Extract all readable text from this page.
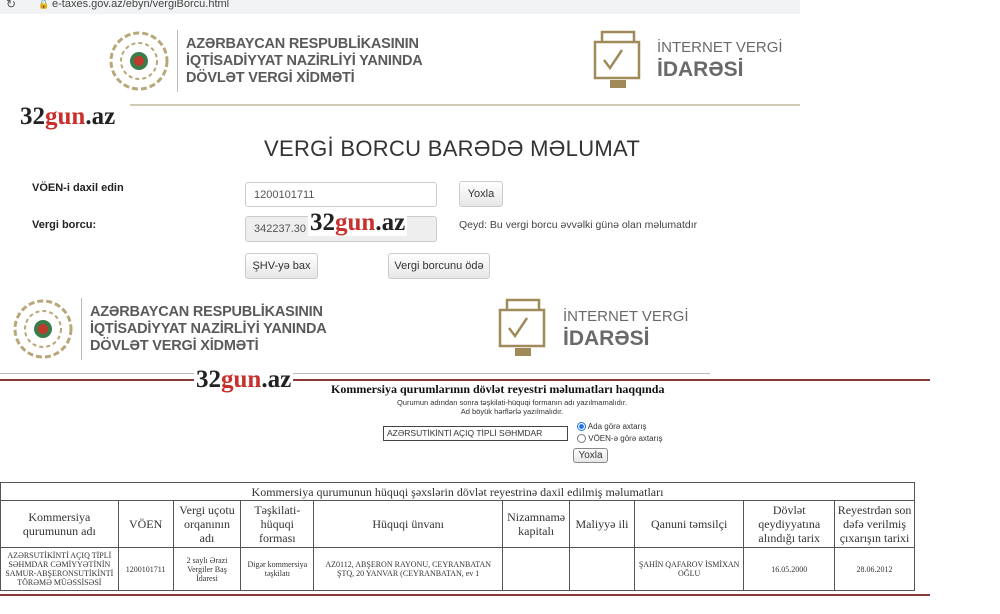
↻ 🔒 e-taxes.gov.az/ebyn/vergiBorcu.html
AZƏRBAYCAN RESPUBLİKASININ
İQTİSADİYYAT NAZİRLİYİ YANINDA
DÖVLƏT VERGİ XİDMƏTİ
İNTERNET VERGİ
İDARƏSİ
32gun.az
VERGİ BORCU BARƏDƏ MƏLUMAT
VÖEN-i daxil edin
1200101711	Yoxla
Vergi borcu:	342237.30 32gun.az	Qeyd: Bu vergi borcu əvvəlki günə olan məlumatdır
ŞHV-yə bax	Vergi borcunu ödə
AZƏRBAYCAN RESPUBLİKASININ
İQTİSADİYYAT NAZİRLİYİ YANINDA
DÖVLƏT VERGİ XİDMƏTİ
İNTERNET VERGİ
İDARƏSİ
32gun.az	Kommersiya qurumlarının dövlət reyestri məlumatları haqqında
Qurumun adından sonra təşkilati-hüquqi formanın adı yazılmamalıdır.
Ad böyük hərflərlə yazılmalıdır.
AZƏRSUTİKİNTİ AÇIQ TİPLİ SƏHMDAR
Ada görə axtarış
VÖEN-ə görə axtarış
Yoxla
Kommersiya qurumunun hüquqi şəxslərin dövlət reyestrinə daxil edilmiş məlumatları									
Kommersiya qurumunun adı	VÖEN	Vergi uçotu orqanının adı	Təşkilati-hüquqi forması	Hüquqi ünvanı	Nizamnamə kapitalı	Maliyyə ili	Qanuni təmsilçi	Dövlət qeydiyyatına alındığı tarix	Reyestrdən son dəfə verilmiş çıxarışın tarixi
AZƏRSUTİKİNTİ AÇIQ TİPLİ SƏHMDAR CƏMİYYƏTİNİN SAMUR-ABŞERONSUTİKİNTİ TÖRƏMƏ MÜƏSSİSƏSİ	1200101711	2 saylı Ərazi Vergiler Baş İdaresi	Digər kommersiya təşkilatı	AZ0112, ABŞERON RAYONU, CEYRANBATAN ŞTQ, 20 YANVAR (CEYRANBATAN, ev 1			ŞAHİN QAFAROV İSMİXAN OĞLU	16.05.2000	28.06.2012
